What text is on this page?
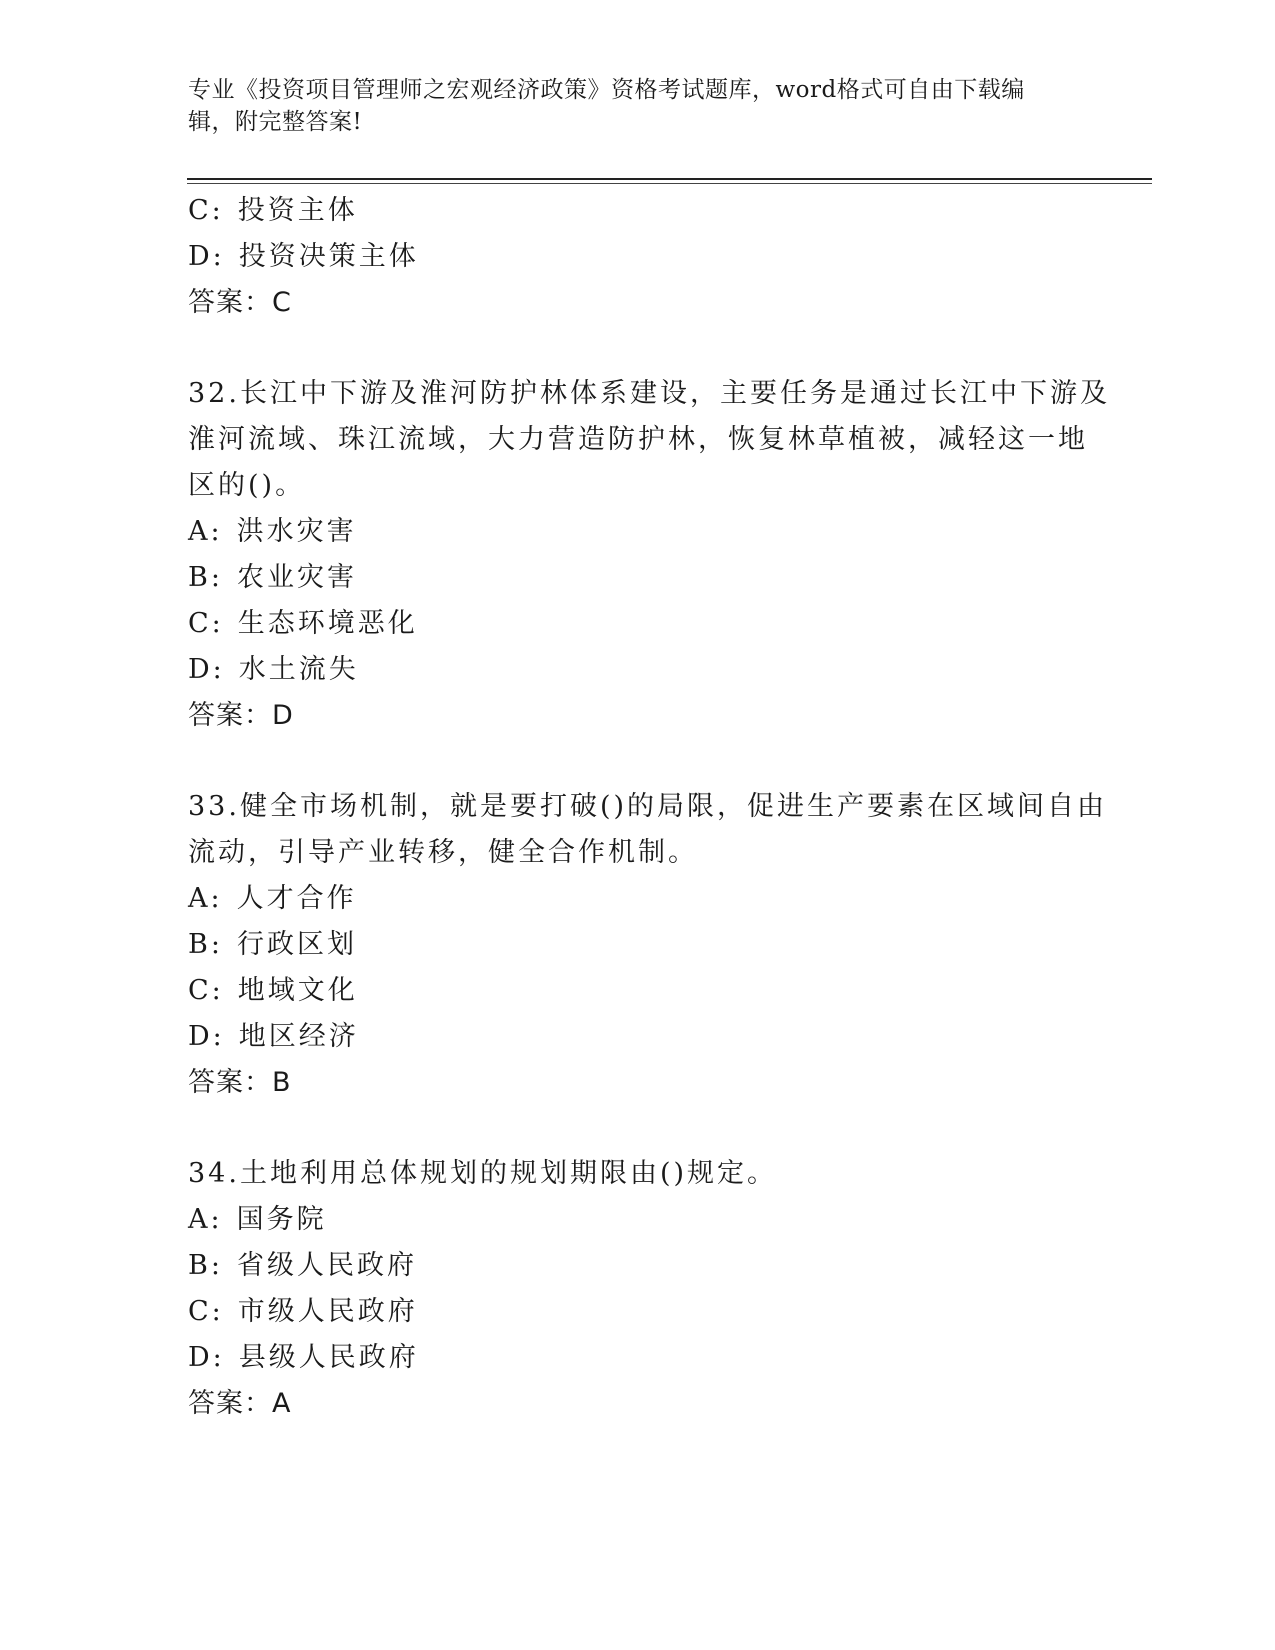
专业《投资项目管理师之宏观经济政策》资格考试题库，word格式可自由下载编
辑，附完整答案!
C: 投资主体
D: 投资决策主体
答案：C
32.长江中下游及淮河防护林体系建设，主要任务是通过长江中下游及
淮河流域、珠江流域，大力营造防护林，恢复林草植被，减轻这一地
区的()。
A: 洪水灾害
B: 农业灾害
C: 生态环境恶化
D: 水土流失
答案：D
33.健全市场机制，就是要打破()的局限，促进生产要素在区域间自由
流动，引导产业转移，健全合作机制。
A: 人才合作
B: 行政区划
C: 地域文化
D: 地区经济
答案：B
34.土地利用总体规划的规划期限由()规定。
A: 国务院
B: 省级人民政府
C: 市级人民政府
D: 县级人民政府
答案：A
